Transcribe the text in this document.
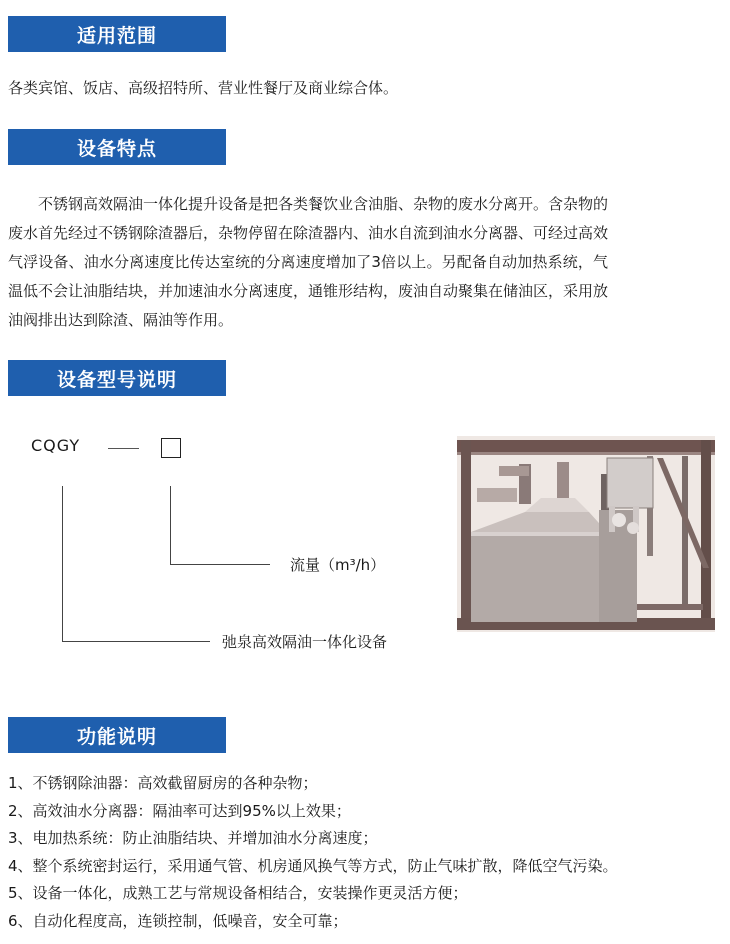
适用范围
各类宾馆、饭店、高级招特所、营业性餐厅及商业综合体。
设备特点
不锈钢高效隔油一体化提升设备是把各类餐饮业含油脂、杂物的废水分离开。含杂物的废水首先经过不锈钢除渣器后，杂物停留在除渣器内、油水自流到油水分离器、可经过高效气浮设备、油水分离速度比传达室统的分离速度增加了3倍以上。另配备自动加热系统，气温低不会让油脂结块，并加速油水分离速度，通锥形结构，废油自动聚集在储油区，采用放油阀排出达到除渣、隔油等作用。
设备型号说明
CQGY
流量（m³/h）
弛泉高效隔油一体化设备
功能说明
1、不锈钢除油器：高效截留厨房的各种杂物；
2、高效油水分离器：隔油率可达到95%以上效果；
3、电加热系统：防止油脂结块、并增加油水分离速度；
4、整个系统密封运行，采用通气管、机房通风换气等方式，防止气味扩散，降低空气污染。
5、设备一体化，成熟工艺与常规设备相结合，安装操作更灵活方便；
6、自动化程度高，连锁控制，低噪音，安全可靠；
